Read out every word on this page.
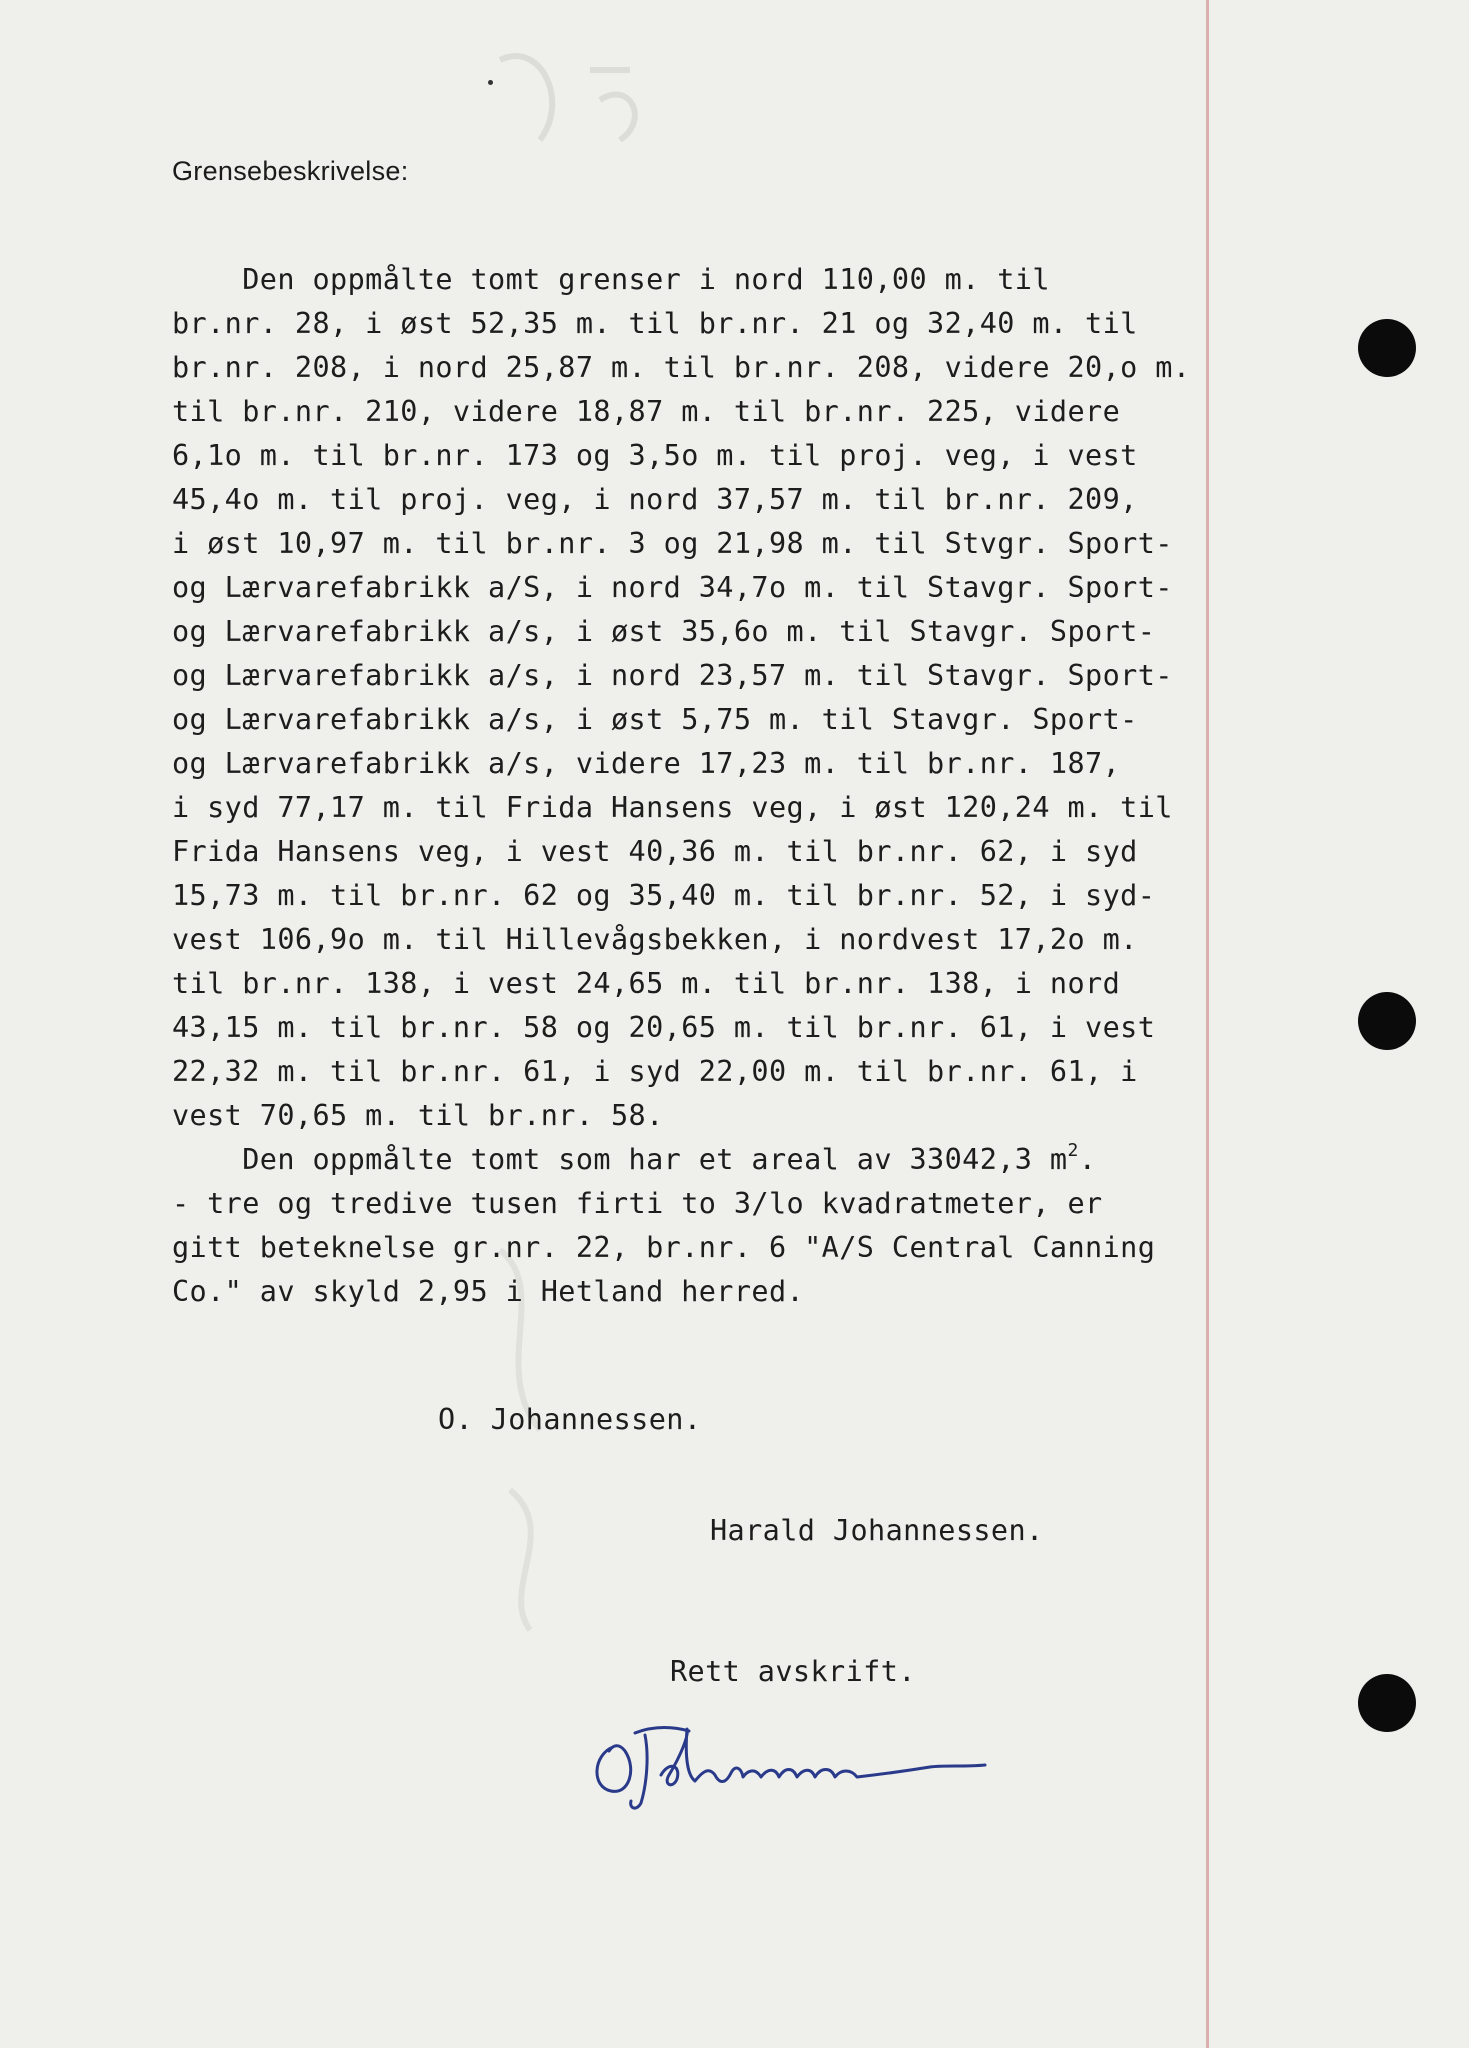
Grensebeskrivelse:
Den oppmålte tomt grenser i nord 110,00 m. til
br.nr. 28, i øst 52,35 m. til br.nr. 21 og 32,40 m. til
br.nr. 208, i nord 25,87 m. til br.nr. 208, videre 20,o m.
til br.nr. 210, videre 18,87 m. til br.nr. 225, videre
6,1o m. til br.nr. 173 og 3,5o m. til proj. veg, i vest
45,4o m. til proj. veg, i nord 37,57 m. til br.nr. 209,
i øst 10,97 m. til br.nr. 3 og 21,98 m. til Stvgr. Sport-
og Lærvarefabrikk a/S, i nord 34,7o m. til Stavgr. Sport-
og Lærvarefabrikk a/s, i øst 35,6o m. til Stavgr. Sport-
og Lærvarefabrikk a/s, i nord 23,57 m. til Stavgr. Sport-
og Lærvarefabrikk a/s, i øst 5,75 m. til Stavgr. Sport-
og Lærvarefabrikk a/s, videre 17,23 m. til br.nr. 187,
i syd 77,17 m. til Frida Hansens veg, i øst 120,24 m. til
Frida Hansens veg, i vest 40,36 m. til br.nr. 62, i syd
15,73 m. til br.nr. 62 og 35,40 m. til br.nr. 52, i syd-
vest 106,9o m. til Hillevågsbekken, i nordvest 17,2o m.
til br.nr. 138, i vest 24,65 m. til br.nr. 138, i nord
43,15 m. til br.nr. 58 og 20,65 m. til br.nr. 61, i vest
22,32 m. til br.nr. 61, i syd 22,00 m. til br.nr. 61, i
vest 70,65 m. til br.nr. 58.
Den oppmålte tomt som har et areal av 33042,3 $m^2$.
- tre og tredive tusen firti to 3/lo kvadratmeter, er
gitt beteknelse gr.nr. 22, br.nr. 6 "A/S Central Canning
Co." av skyld 2,95 i Hetland herred.
O. Johannessen.
Harald Johannessen.
Rett avskrift.
